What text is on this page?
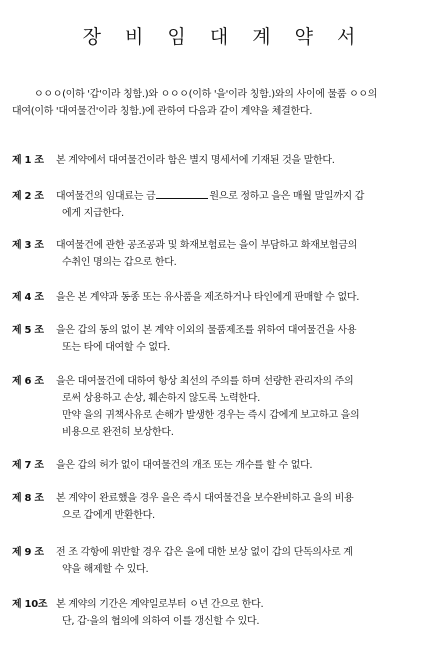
장 비 임 대 계 약 서
ㅇㅇㅇ(이하 '갑'이라 칭함.)와 ㅇㅇㅇ(이하 '을'이라 칭함.)와의 사이에 물품 ㅇㅇ의
대여(이하 '대여물건'이라 칭함.)에 관하여 다음과 같이 계약을 체결한다.
제 1 조 본 계약에서 대여물건이라 함은 별지 명세서에 기재된 것을 말한다.
제 2 조 대여물건의 임대료는 금	원으로 정하고 을은 매월 말일까지 갑
에게 지급한다.
제 3 조 대여물건에 관한 공조공과 및 화재보험료는 을이 부담하고 화재보험금의
수취인 명의는 갑으로 한다.
제 4 조 을은 본 계약과 동종 또는 유사품을 제조하거나 타인에게 판매할 수 없다.
제 5 조 을은 갑의 동의 없이 본 계약 이외의 물품제조를 위하여 대여물건을 사용
또는 타에 대여할 수 없다.
제 6 조 을은 대여물건에 대하여 항상 최선의 주의를 하며 선량한 관리자의 주의
로써 상용하고 손상, 훼손하지 않도록 노력한다.
만약 을의 귀책사유로 손해가 발생한 경우는 즉시 갑에게 보고하고 을의
비용으로 완전히 보상한다.
제 7 조 을은 갑의 허가 없이 대여물건의 개조 또는 개수를 할 수 없다.
제 8 조 본 계약이 완료했을 경우 을은 즉시 대여물건을 보수완비하고 을의 비용
으로 갑에게 반환한다.
제 9 조 전 조 각항에 위반할 경우 갑은 을에 대한 보상 없이 갑의 단독의사로 계
약을 해제할 수 있다.
제 10조 본 계약의 기간은 계약일로부터 ㅇ년 간으로 한다.
단, 갑·을의 협의에 의하여 이를 갱신할 수 있다.
